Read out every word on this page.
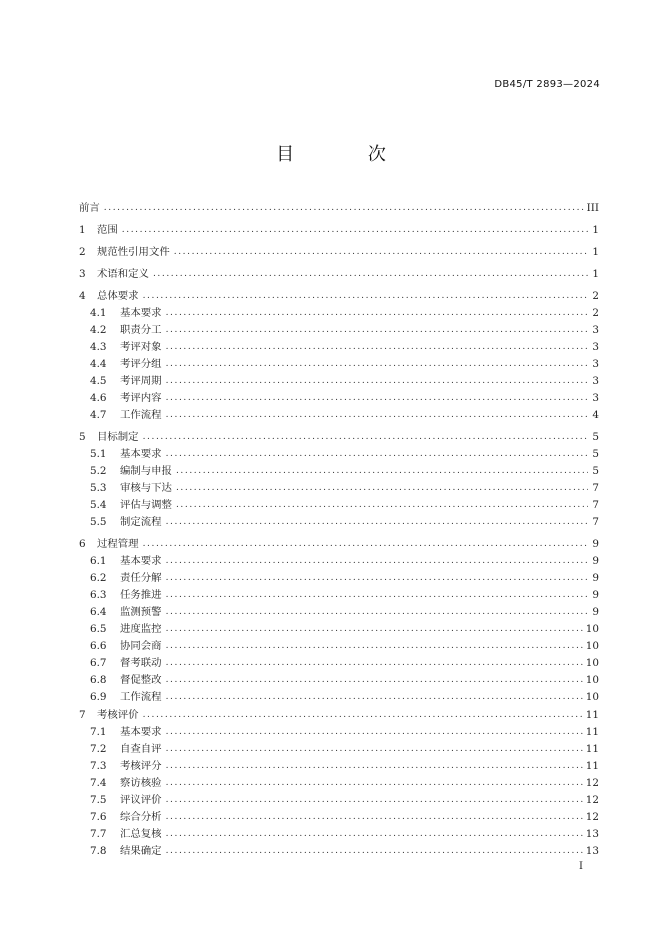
DB45/T 2893—2024
目 次
前言 .....	III
1	范围 .....	1
2	规范性引用文件 .....	1
3	术语和定义 .....	1
4	总体要求 .....	2
4.1	基本要求 .....	2
4.2	职责分工 .....	3
4.3	考评对象 .....	3
4.4	考评分组 .....	3
4.5	考评周期 .....	3
4.6	考评内容 .....	3
4.7	工作流程 .....	4
5	目标制定 .....	5
5.1	基本要求 .....	5
5.2	编制与申报 .....	5
5.3	审核与下达 .....	7
5.4	评估与调整 .....	7
5.5	制定流程 .....	7
6	过程管理 .....	9
6.1	基本要求 .....	9
6.2	责任分解 .....	9
6.3	任务推进 .....	9
6.4	监测预警 .....	9
6.5	进度监控 .....	10
6.6	协同会商 .....	10
6.7	督考联动 .....	10
6.8	督促整改 .....	10
6.9	工作流程 .....	10
7	考核评价 .....	11
7.1	基本要求 .....	11
7.2	自查自评 .....	11
7.3	考核评分 .....	11
7.4	察访核验 .....	12
7.5	评议评价 .....	12
7.6	综合分析 .....	12
7.7	汇总复核 .....	13
7.8	结果确定 .....	13
I
